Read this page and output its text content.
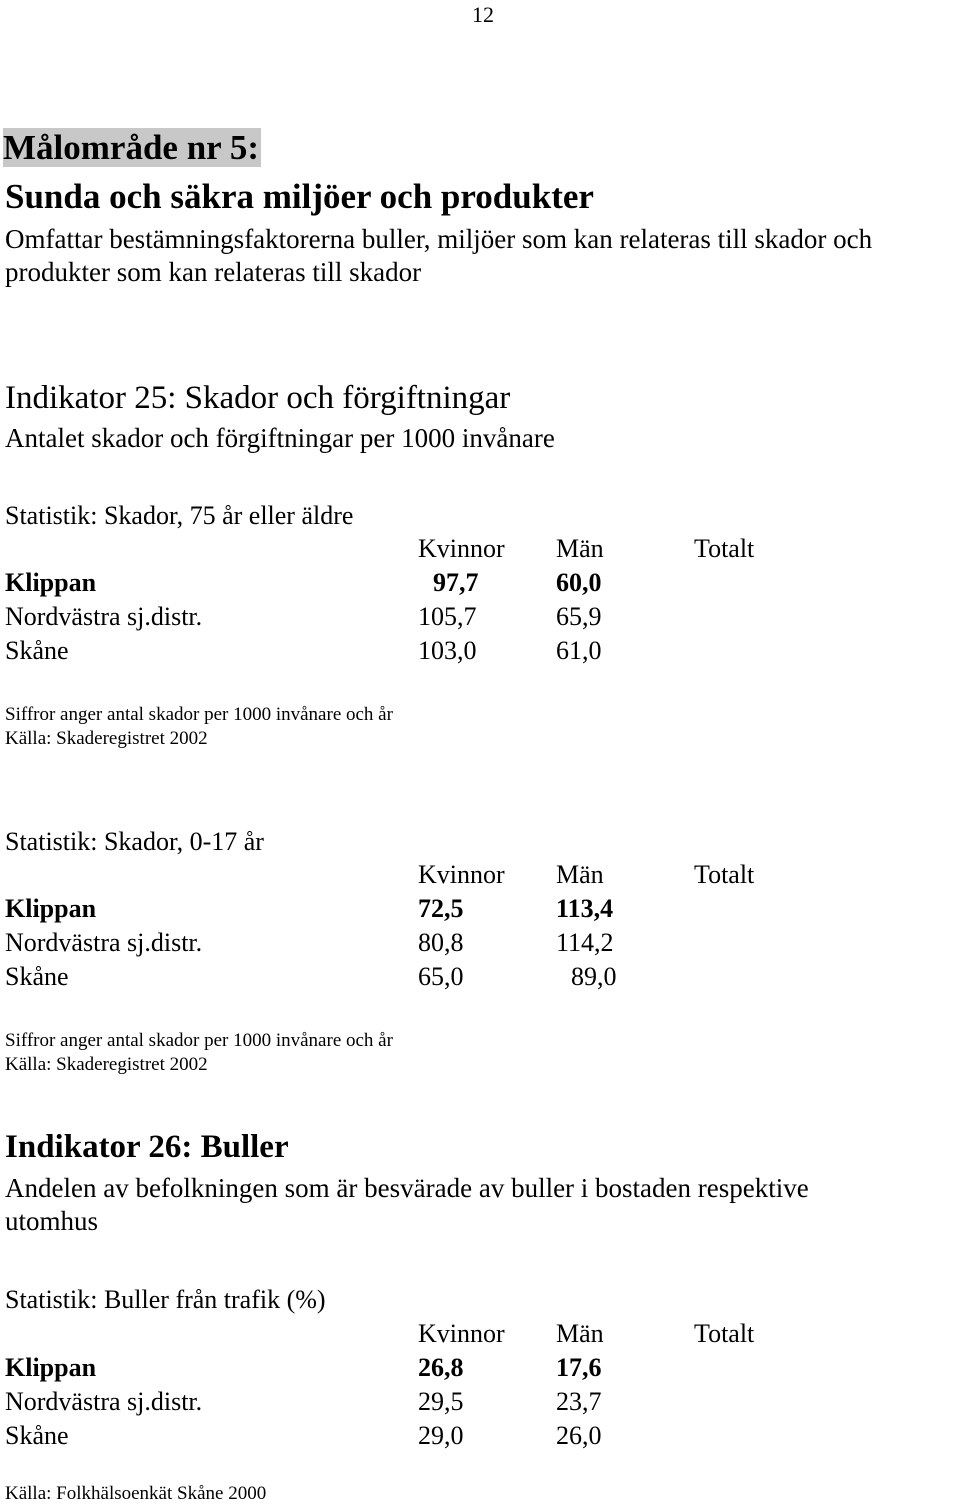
12
Målområde nr 5:
Sunda och säkra miljöer och produkter
Omfattar bestämningsfaktorerna buller, miljöer som kan relateras till skador och
produkter som kan relateras till skador
Indikator 25: Skador och förgiftningar
Antalet skador och förgiftningar per 1000 invånare
Statistik: Skador, 75 år eller äldre
Kvinnor Män	Totalt
Klippan	97,7	60,0
Nordvästra sj.distr.	105,7	65,9
Skåne	103,0	61,0
Siffror anger antal skador per 1000 invånare och år
Källa: Skaderegistret 2002
Statistik: Skador, 0-17 år
Kvinnor Män	Totalt
Klippan	72,5	113,4
Nordvästra sj.distr.	80,8	114,2
Skåne	65,0	89,0
Siffror anger antal skador per 1000 invånare och år
Källa: Skaderegistret 2002
Indikator 26: Buller
Andelen av befolkningen som är besvärade av buller i bostaden respektive
utomhus
Statistik: Buller från trafik (%)
Kvinnor Män	Totalt
Klippan	26,8	17,6
Nordvästra sj.distr.	29,5	23,7
Skåne	29,0	26,0
Källa: Folkhälsoenkät Skåne 2000
